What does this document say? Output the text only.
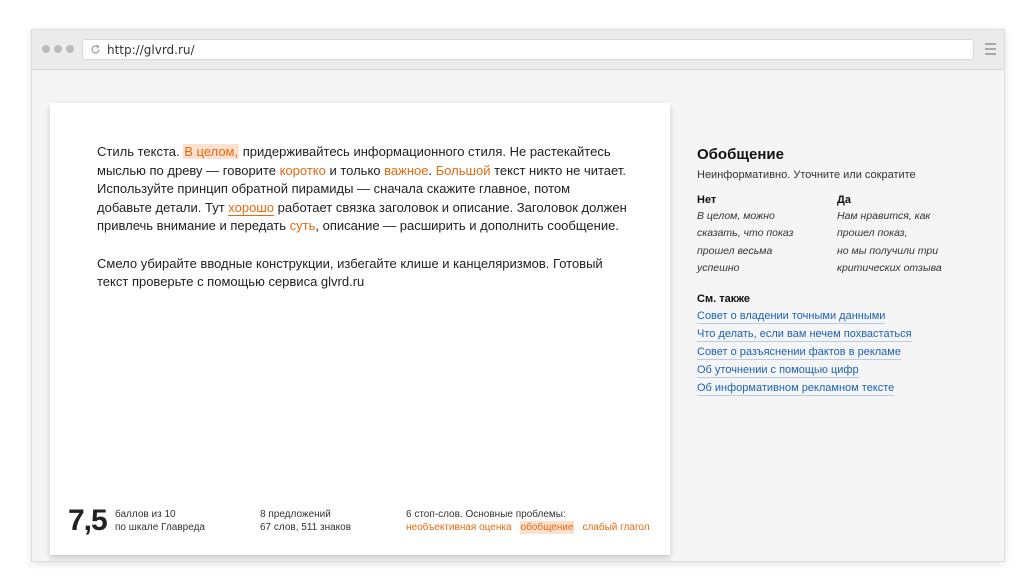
http://glvrd.ru/

Стиль текста. В целом, придерживайтесь информационного стиля. Не растекайтесь мыслью по древу — говорите коротко и только важное. Большой текст никто не читает. Используйте принцип обратной пирамиды — сначала скажите главное, потом добавьте детали. Тут хорошо работает связка заголовок и описание. Заголовок должен привлечь внимание и передать суть, описание — расширить и дополнить сообщение.

Смело убирайте вводные конструкции, избегайте клише и канцеляризмов. Готовый текст проверьте с помощью сервиса glvrd.ru

7,5 баллов из 10
по шкале Главреда
8 предложений
67 слов, 511 знаков
6 стоп-слов. Основные проблемы:
необъективная оценка обобщение слабый глагол
Обобщение
Неинформативно. Уточните или сократите
Нет
В целом, можно
сказать, что показ
прошел весьма
успешно
Да
Нам нравится, как
прошел показ,
но мы получили три
критических отзыва
См. также
Совет о владении точными данными
Что делать, если вам нечем похвастаться
Совет о разъяснении фактов в рекламе
Об уточнении с помощью цифр
Об информативном рекламном тексте
